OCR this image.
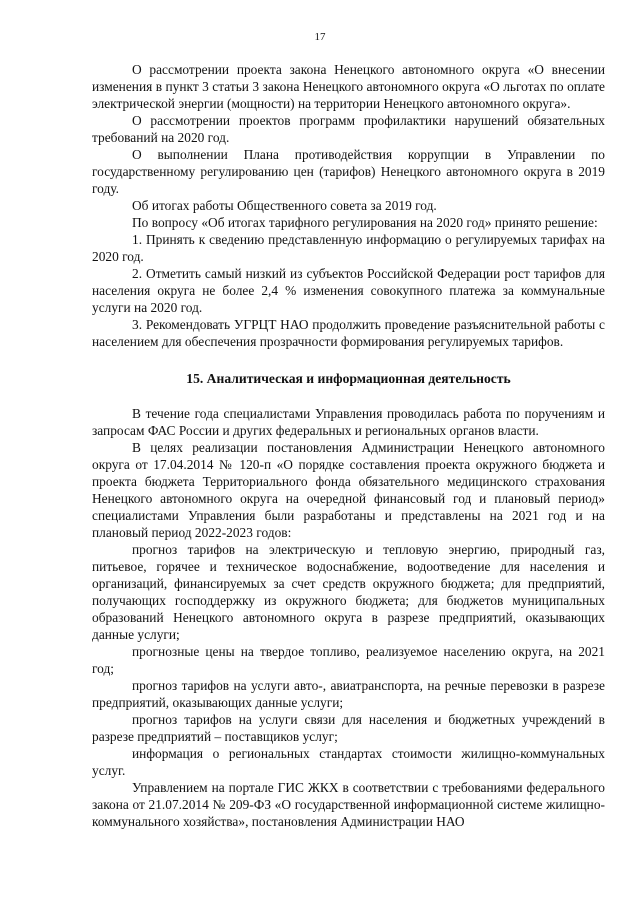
17

О рассмотрении проекта закона Ненецкого автономного округа «О внесении изменения в пункт 3 статьи 3 закона Ненецкого автономного округа «О льготах по оплате электрической энергии (мощности) на территории Ненецкого автономного округа».

О рассмотрении проектов программ профилактики нарушений обязательных требований на 2020 год.

О выполнении Плана противодействия коррупции в Управлении по государственному регулированию цен (тарифов) Ненецкого автономного округа в 2019 году.

Об итогах работы Общественного совета за 2019 год.

По вопросу «Об итогах тарифного регулирования на 2020 год» принято решение:

1. Принять к сведению представленную информацию о регулируемых тарифах на 2020 год.

2. Отметить самый низкий из субъектов Российской Федерации рост тарифов для населения округа не более 2,4 % изменения совокупного платежа за коммунальные услуги на 2020 год.

3. Рекомендовать УГРЦТ НАО продолжить проведение разъяснительной работы с населением для обеспечения прозрачности формирования регулируемых тарифов.

15. Аналитическая и информационная деятельность

В течение года специалистами Управления проводилась работа по поручениям и запросам ФАС России и других федеральных и региональных органов власти.

В целях реализации постановления Администрации Ненецкого автономного округа от 17.04.2014 № 120-п «О порядке составления проекта окружного бюджета и проекта бюджета Территориального фонда обязательного медицинского страхования Ненецкого автономного округа на очередной финансовый год и плановый период» специалистами Управления были разработаны и представлены на 2021 год и на плановый период 2022-2023 годов:

прогноз тарифов на электрическую и тепловую энергию, природный газ, питьевое, горячее и техническое водоснабжение, водоотведение для населения и организаций, финансируемых за счет средств окружного бюджета; для предприятий, получающих господдержку из окружного бюджета; для бюджетов муниципальных образований Ненецкого автономного округа в разрезе предприятий, оказывающих данные услуги;

прогнозные цены на твердое топливо, реализуемое населению округа, на 2021 год;

прогноз тарифов на услуги авто-, авиатранспорта, на речные перевозки в разрезе предприятий, оказывающих данные услуги;

прогноз тарифов на услуги связи для населения и бюджетных учреждений в разрезе предприятий – поставщиков услуг;

информация о региональных стандартах стоимости жилищно-коммунальных услуг.

Управлением на портале ГИС ЖКХ в соответствии с требованиями федерального закона от 21.07.2014 № 209-ФЗ «О государственной информационной системе жилищно-коммунального хозяйства», постановления Администрации НАО
